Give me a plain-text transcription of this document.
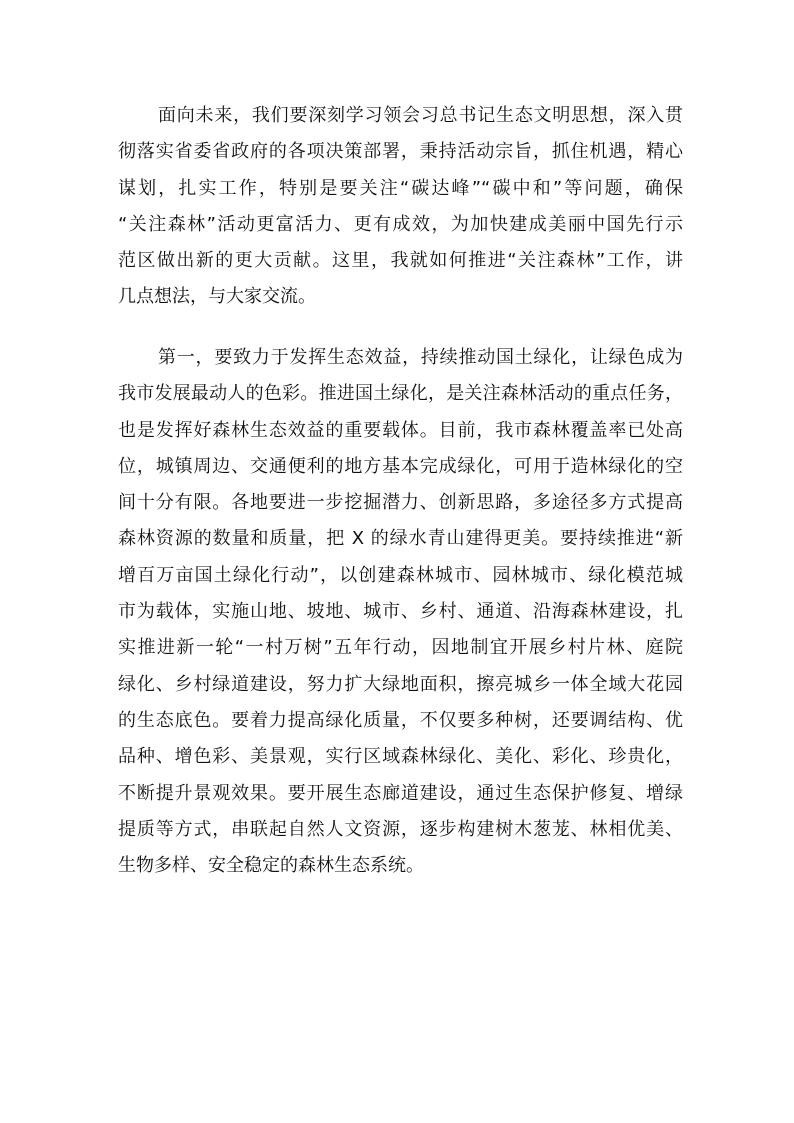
面向未来，我们要深刻学习领会习总书记生态文明思想，深入贯
彻落实省委省政府的各项决策部署，秉持活动宗旨，抓住机遇，精心
谋划，扎实工作，特别是要关注“碳达峰”“碳中和”等问题，确保
“关注森林”活动更富活力、更有成效，为加快建成美丽中国先行示
范区做出新的更大贡献。这里，我就如何推进“关注森林”工作，讲
几点想法，与大家交流。
第一，要致力于发挥生态效益，持续推动国土绿化，让绿色成为
我市发展最动人的色彩。推进国土绿化，是关注森林活动的重点任务，
也是发挥好森林生态效益的重要载体。目前，我市森林覆盖率已处高
位，城镇周边、交通便利的地方基本完成绿化，可用于造林绿化的空
间十分有限。各地要进一步挖掘潜力、创新思路，多途径多方式提高
森林资源的数量和质量，把 X 的绿水青山建得更美。要持续推进“新
增百万亩国土绿化行动”，以创建森林城市、园林城市、绿化模范城
市为载体，实施山地、坡地、城市、乡村、通道、沿海森林建设，扎
实推进新一轮“一村万树”五年行动，因地制宜开展乡村片林、庭院
绿化、乡村绿道建设，努力扩大绿地面积，擦亮城乡一体全域大花园
的生态底色。要着力提高绿化质量，不仅要多种树，还要调结构、优
品种、增色彩、美景观，实行区域森林绿化、美化、彩化、珍贵化，
不断提升景观效果。要开展生态廊道建设，通过生态保护修复、增绿
提质等方式，串联起自然人文资源，逐步构建树木葱茏、林相优美、
生物多样、安全稳定的森林生态系统。
